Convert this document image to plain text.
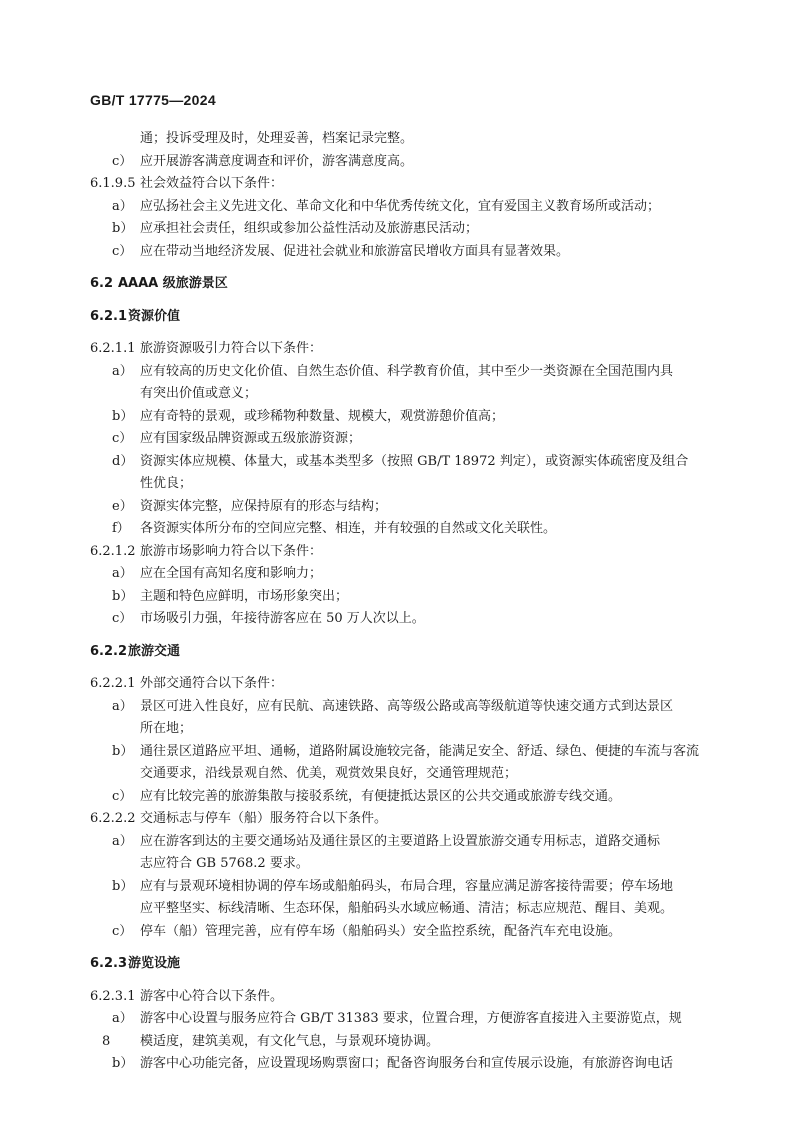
GB/T 17775—2024
通；投诉受理及时，处理妥善，档案记录完整。
c） 应开展游客满意度调查和评价，游客满意度高。
6.1.9.5 社会效益符合以下条件：
a） 应弘扬社会主义先进文化、革命文化和中华优秀传统文化，宜有爱国主义教育场所或活动；
b） 应承担社会责任，组织或参加公益性活动及旅游惠民活动；
c） 应在带动当地经济发展、促进社会就业和旅游富民增收方面具有显著效果。
6.2 AAAA 级旅游景区
6.2.1 资源价值
6.2.1.1 旅游资源吸引力符合以下条件：
a） 应有较高的历史文化价值、自然生态价值、科学教育价值，其中至少一类资源在全国范围内具
有突出价值或意义；
b） 应有奇特的景观，或珍稀物种数量、规模大，观赏游憩价值高；
c） 应有国家级品牌资源或五级旅游资源；
d） 资源实体应规模、体量大，或基本类型多（按照 GB/T 18972 判定），或资源实体疏密度及组合
性优良；
e） 资源实体完整，应保持原有的形态与结构；
f） 各资源实体所分布的空间应完整、相连，并有较强的自然或文化关联性。
6.2.1.2 旅游市场影响力符合以下条件：
a） 应在全国有高知名度和影响力；
b） 主题和特色应鲜明，市场形象突出；
c） 市场吸引力强，年接待游客应在 50 万人次以上。
6.2.2 旅游交通
6.2.2.1 外部交通符合以下条件：
a） 景区可进入性良好，应有民航、高速铁路、高等级公路或高等级航道等快速交通方式到达景区
所在地；
b） 通往景区道路应平坦、通畅，道路附属设施较完备，能满足安全、舒适、绿色、便捷的车流与客流
交通要求，沿线景观自然、优美，观赏效果良好，交通管理规范；
c） 应有比较完善的旅游集散与接驳系统，有便捷抵达景区的公共交通或旅游专线交通。
6.2.2.2 交通标志与停车（船）服务符合以下条件。
a） 应在游客到达的主要交通场站及通往景区的主要道路上设置旅游交通专用标志，道路交通标
志应符合 GB 5768.2 要求。
b） 应有与景观环境相协调的停车场或船舶码头，布局合理，容量应满足游客接待需要；停车场地
应平整坚实、标线清晰、生态环保，船舶码头水域应畅通、清洁；标志应规范、醒目、美观。
c） 停车（船）管理完善，应有停车场（船舶码头）安全监控系统，配备汽车充电设施。
6.2.3 游览设施
6.2.3.1 游客中心符合以下条件。
a） 游客中心设置与服务应符合 GB/T 31383 要求，位置合理，方便游客直接进入主要游览点，规
模适度，建筑美观，有文化气息，与景观环境协调。
b） 游客中心功能完备，应设置现场购票窗口；配备咨询服务台和宣传展示设施，有旅游咨询电话
8
